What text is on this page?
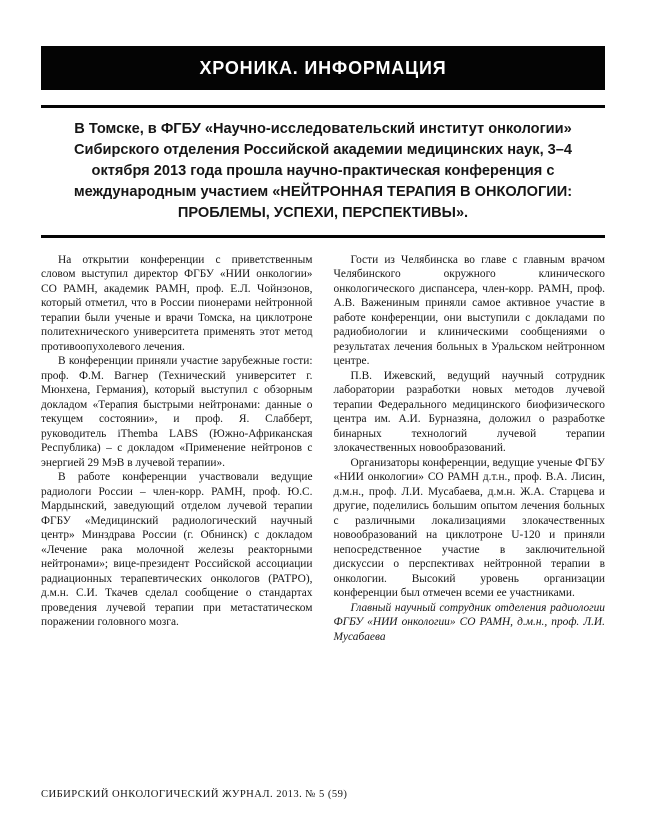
ХРОНИКА. ИНФОРМАЦИЯ

В Томске, в ФГБУ «Научно-исследовательский институт онкологии» Сибирского отделения Российской академии медицинских наук, 3–4 октября 2013 года прошла научно-практическая конференция с международным участием «НЕЙТРОННАЯ ТЕРАПИЯ В ОНКОЛОГИИ: ПРОБЛЕМЫ, УСПЕХИ, ПЕРСПЕКТИВЫ».

На открытии конференции с приветственным словом выступил директор ФГБУ «НИИ онкологии» СО РАМН, академик РАМН, проф. Е.Л. Чойнзонов, который отметил, что в России пионерами нейтронной терапии были ученые и врачи Томска, на циклотроне политехнического университета применять этот метод противоопухолевого лечения.

В конференции приняли участие зарубежные гости: проф. Ф.М. Вагнер (Технический университет г. Мюнхена, Германия), который выступил с обзорным докладом «Терапия быстрыми нейтронами: данные о текущем состоянии», и проф. Я. Слабберт, руководитель iThemba LABS (Южно-Африканская Республика) – с докладом «Применение нейтронов с энергией 29 МэВ в лучевой терапии».

В работе конференции участвовали ведущие радиологи России – член-корр. РАМН, проф. Ю.С. Мардынский, заведующий отделом лучевой терапии ФГБУ «Медицинский радиологический научный центр» Минздрава России (г. Обнинск) с докладом «Лечение рака молочной железы реакторными нейтронами»; вице-президент Российской ассоциации радиационных терапевтических онкологов (РАТРО), д.м.н. С.И. Ткачев сделал сообщение о стандартах проведения лучевой терапии при метастатическом поражении головного мозга.

Гости из Челябинска во главе с главным врачом Челябинского окружного клинического онкологического диспансера, член-корр. РАМН, проф. А.В. Важениным приняли самое активное участие в работе конференции, они выступили с докладами по радиобиологии и клиническими сообщениями о результатах лечения больных в Уральском нейтронном центре.

П.В. Ижевский, ведущий научный сотрудник лаборатории разработки новых методов лучевой терапии Федерального медицинского биофизического центра им. А.И. Бурназяна, доложил о разработке бинарных технологий лучевой терапии злокачественных новообразований.

Организаторы конференции, ведущие ученые ФГБУ «НИИ онкологии» СО РАМН д.т.н., проф. В.А. Лисин, д.м.н., проф. Л.И. Мусабаева, д.м.н. Ж.А. Старцева и другие, поделились большим опытом лечения больных с различными локализациями злокачественных новообразований на циклотроне U-120 и приняли непосредственное участие в заключительной дискуссии о перспективах нейтронной терапии в онкологии. Высокий уровень организации конференции был отмечен всеми ее участниками.

Главный научный сотрудник отделения радиологии ФГБУ «НИИ онкологии» СО РАМН, д.м.н., проф. Л.И. Мусабаева

СИБИРСКИЙ ОНКОЛОГИЧЕСКИЙ ЖУРНАЛ. 2013. № 5 (59)
